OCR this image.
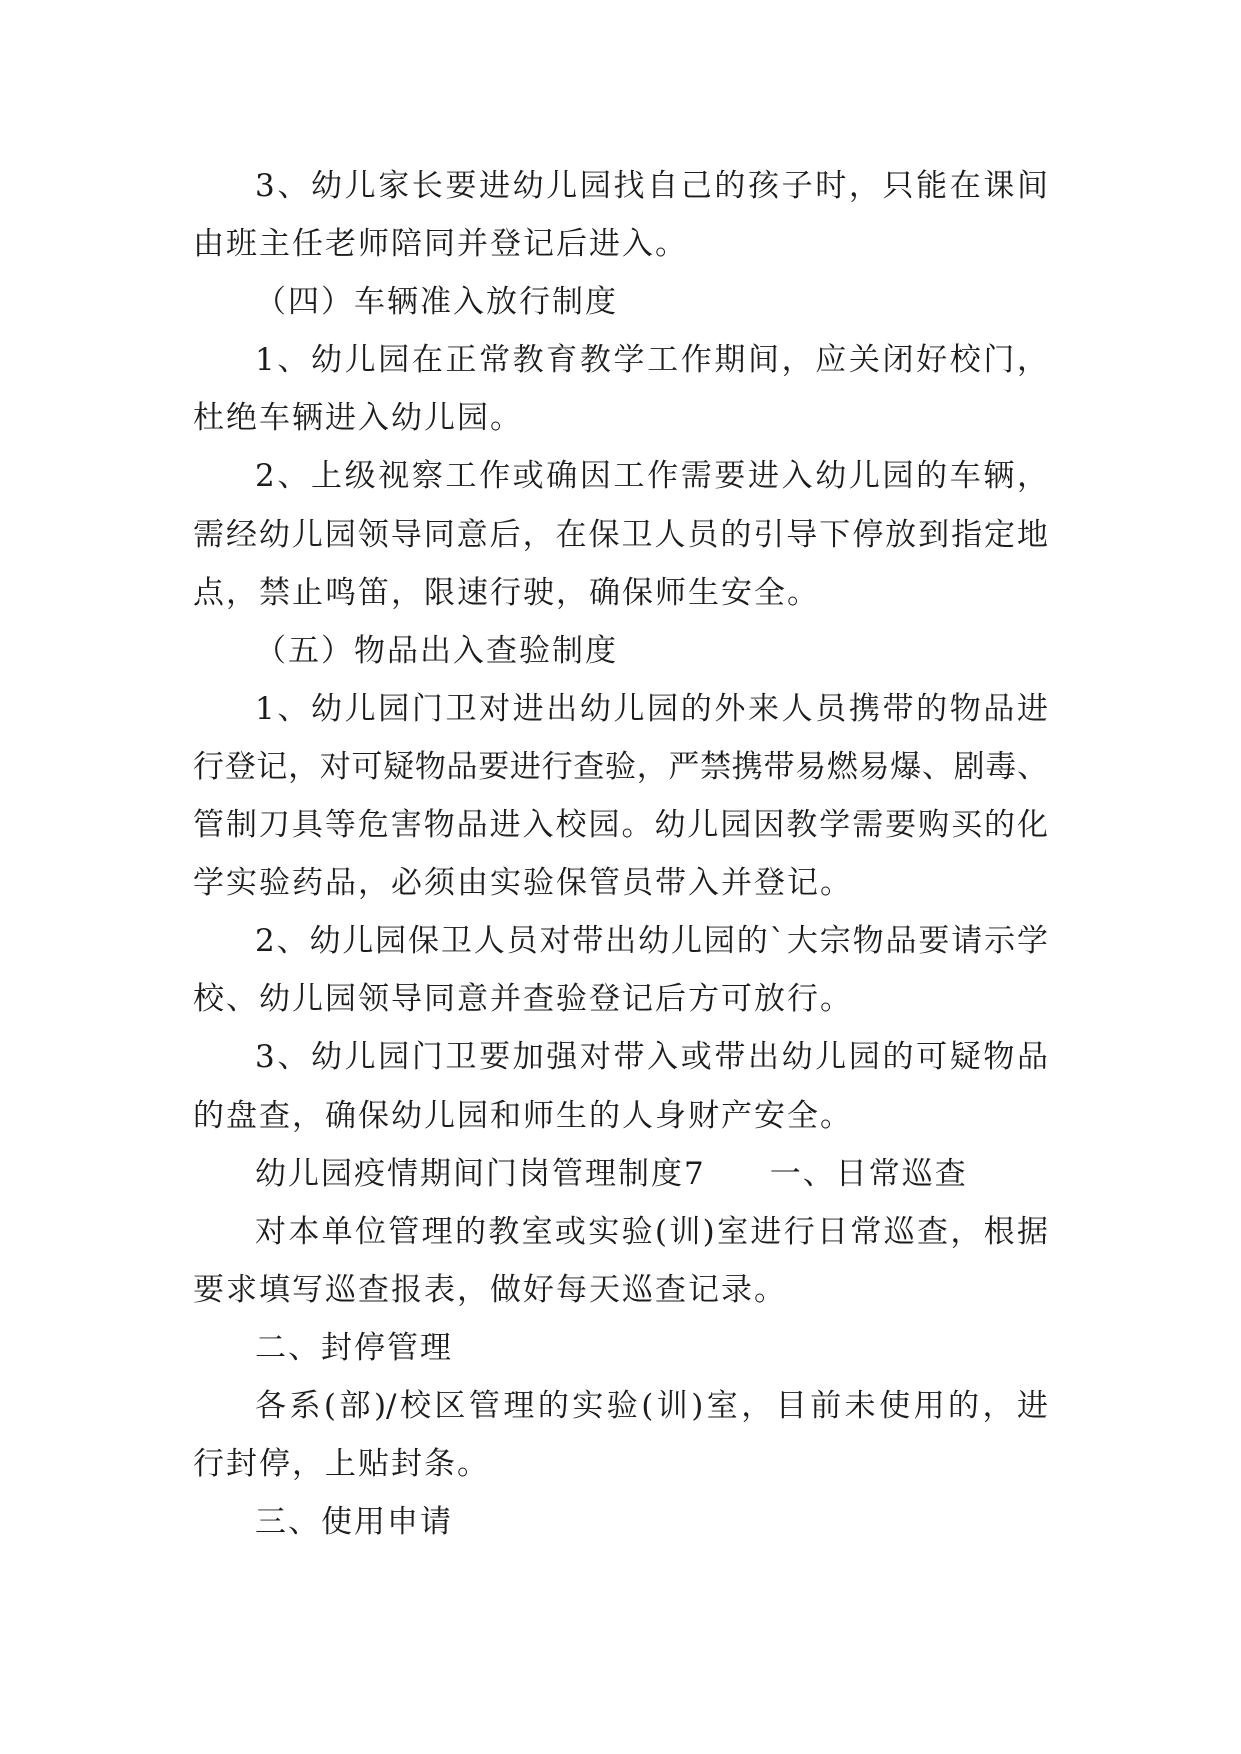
3、幼儿家长要进幼儿园找自己的孩子时，只能在课间
由班主任老师陪同并登记后进入。
（四）车辆准入放行制度
1、幼儿园在正常教育教学工作期间，应关闭好校门，
杜绝车辆进入幼儿园。
2、上级视察工作或确因工作需要进入幼儿园的车辆，
需经幼儿园领导同意后，在保卫人员的引导下停放到指定地
点，禁止鸣笛，限速行驶，确保师生安全。
（五）物品出入查验制度
1、幼儿园门卫对进出幼儿园的外来人员携带的物品进
行登记，对可疑物品要进行查验，严禁携带易燃易爆、剧毒、
管制刀具等危害物品进入校园。幼儿园因教学需要购买的化
学实验药品，必须由实验保管员带入并登记。
2、幼儿园保卫人员对带出幼儿园的`大宗物品要请示学
校、幼儿园领导同意并查验登记后方可放行。
3、幼儿园门卫要加强对带入或带出幼儿园的可疑物品
的盘查，确保幼儿园和师生的人身财产安全。
幼儿园疫情期间门岗管理制度7 一、日常巡查
对本单位管理的教室或实验(训)室进行日常巡查，根据
要求填写巡查报表，做好每天巡查记录。
二、封停管理
各系(部)/校区管理的实验(训)室，目前未使用的，进
行封停，上贴封条。
三、使用申请
